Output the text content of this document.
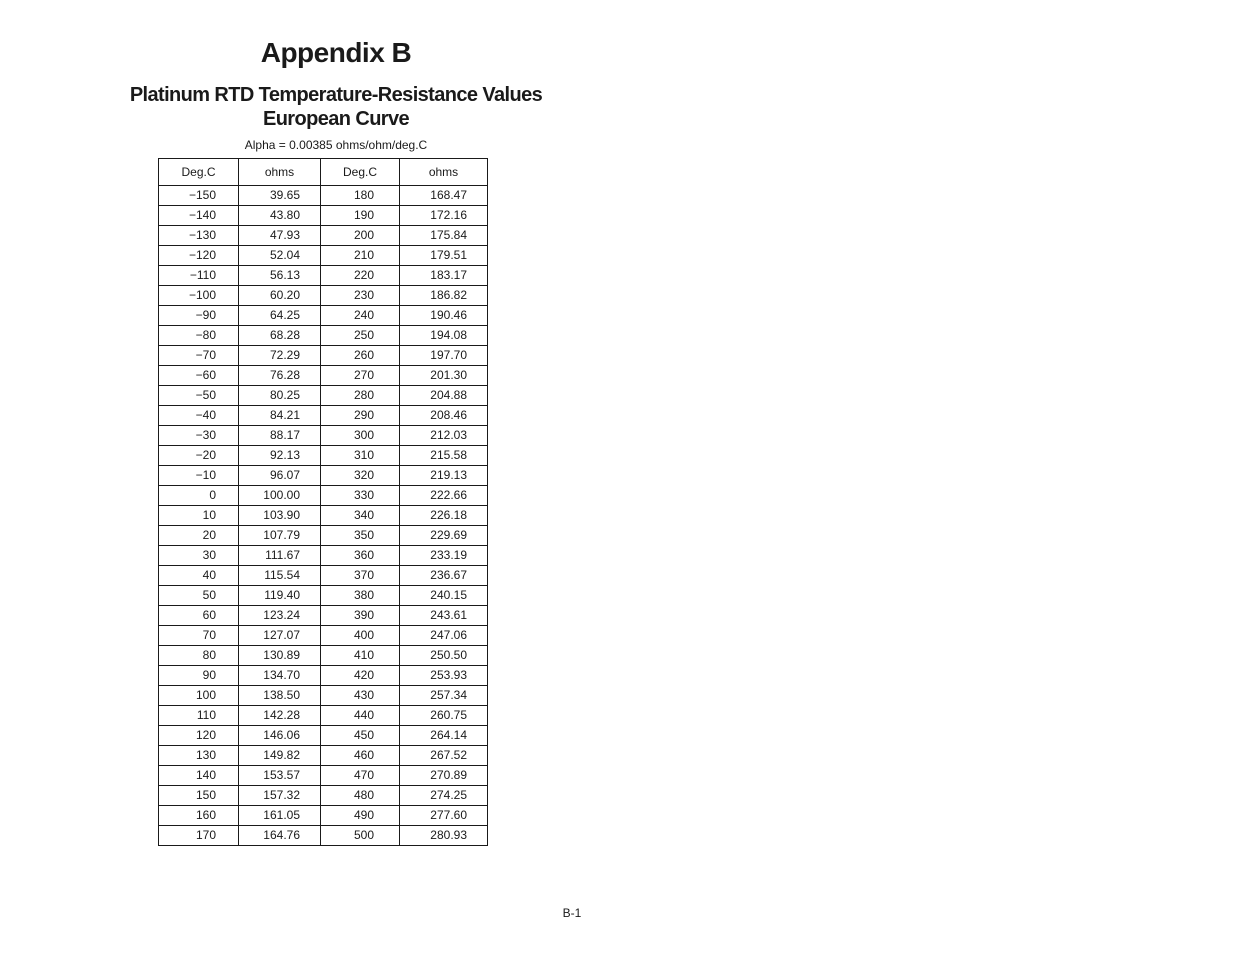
Appendix B
Platinum RTD Temperature-Resistance Values
European Curve
Alpha = 0.00385 ohms/ohm/deg.C
Deg.C	ohms	Deg.C	ohms
−150	39.65	180	168.47
−140	43.80	190	172.16
−130	47.93	200	175.84
−120	52.04	210	179.51
−110	56.13	220	183.17
−100	60.20	230	186.82
−90	64.25	240	190.46
−80	68.28	250	194.08
−70	72.29	260	197.70
−60	76.28	270	201.30
−50	80.25	280	204.88
−40	84.21	290	208.46
−30	88.17	300	212.03
−20	92.13	310	215.58
−10	96.07	320	219.13
0	100.00	330	222.66
10	103.90	340	226.18
20	107.79	350	229.69
30	111.67	360	233.19
40	115.54	370	236.67
50	119.40	380	240.15
60	123.24	390	243.61
70	127.07	400	247.06
80	130.89	410	250.50
90	134.70	420	253.93
100	138.50	430	257.34
110	142.28	440	260.75
120	146.06	450	264.14
130	149.82	460	267.52
140	153.57	470	270.89
150	157.32	480	274.25
160	161.05	490	277.60
170	164.76	500	280.93
B-1
